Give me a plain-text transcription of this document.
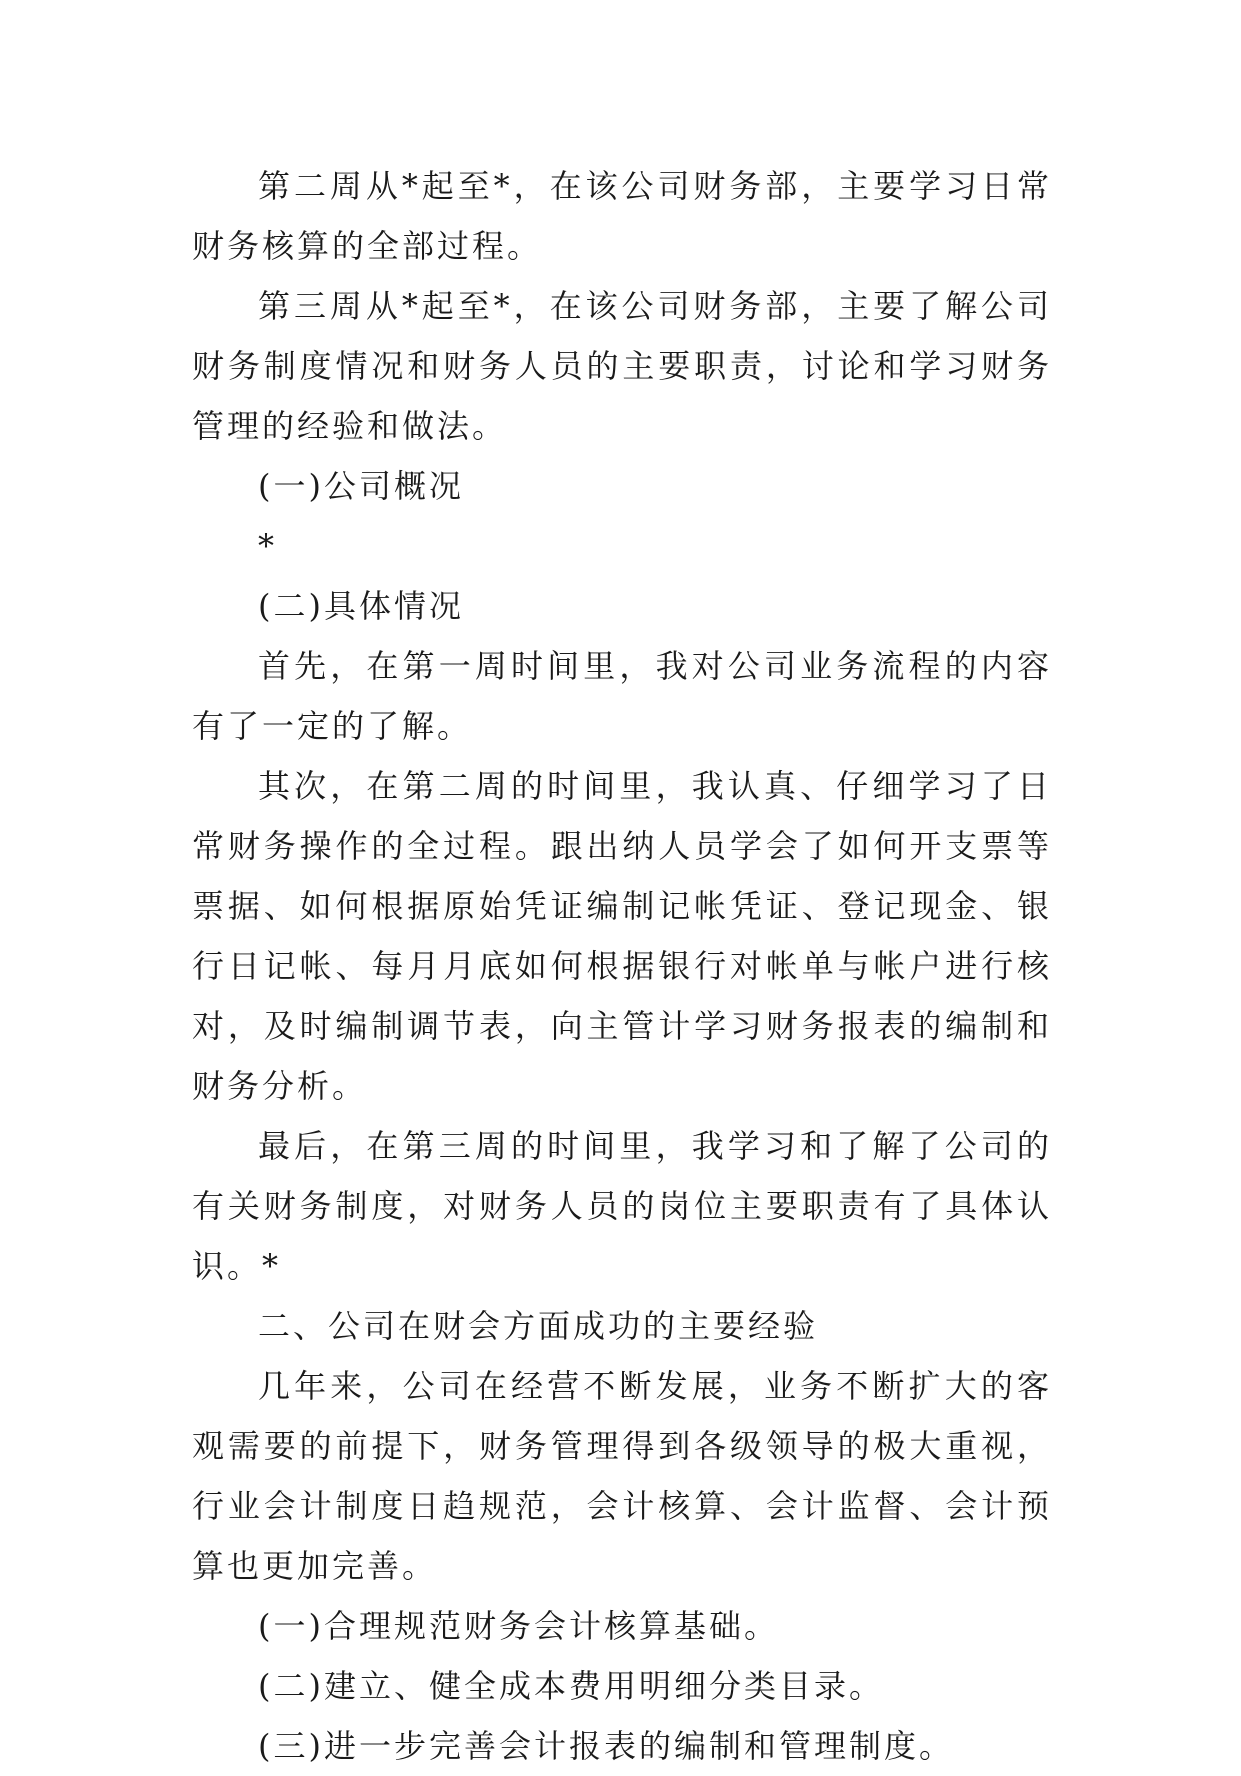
第二周从*起至*，在该公司财务部，主要学习日常财务核算的全部过程。

第三周从*起至*，在该公司财务部，主要了解公司财务制度情况和财务人员的主要职责，讨论和学习财务管理的经验和做法。

(一)公司概况

*

(二)具体情况

首先，在第一周时间里，我对公司业务流程的内容有了一定的了解。

其次，在第二周的时间里，我认真、仔细学习了日常财务操作的全过程。跟出纳人员学会了如何开支票等票据、如何根据原始凭证编制记帐凭证、登记现金、银行日记帐、每月月底如何根据银行对帐单与帐户进行核对，及时编制调节表，向主管计学习财务报表的编制和财务分析。

最后，在第三周的时间里，我学习和了解了公司的有关财务制度，对财务人员的岗位主要职责有了具体认识。*

二、公司在财会方面成功的主要经验

几年来，公司在经营不断发展，业务不断扩大的客观需要的前提下，财务管理得到各级领导的极大重视，行业会计制度日趋规范，会计核算、会计监督、会计预算也更加完善。

(一)合理规范财务会计核算基础。

(二)建立、健全成本费用明细分类目录。

(三)进一步完善会计报表的编制和管理制度。
